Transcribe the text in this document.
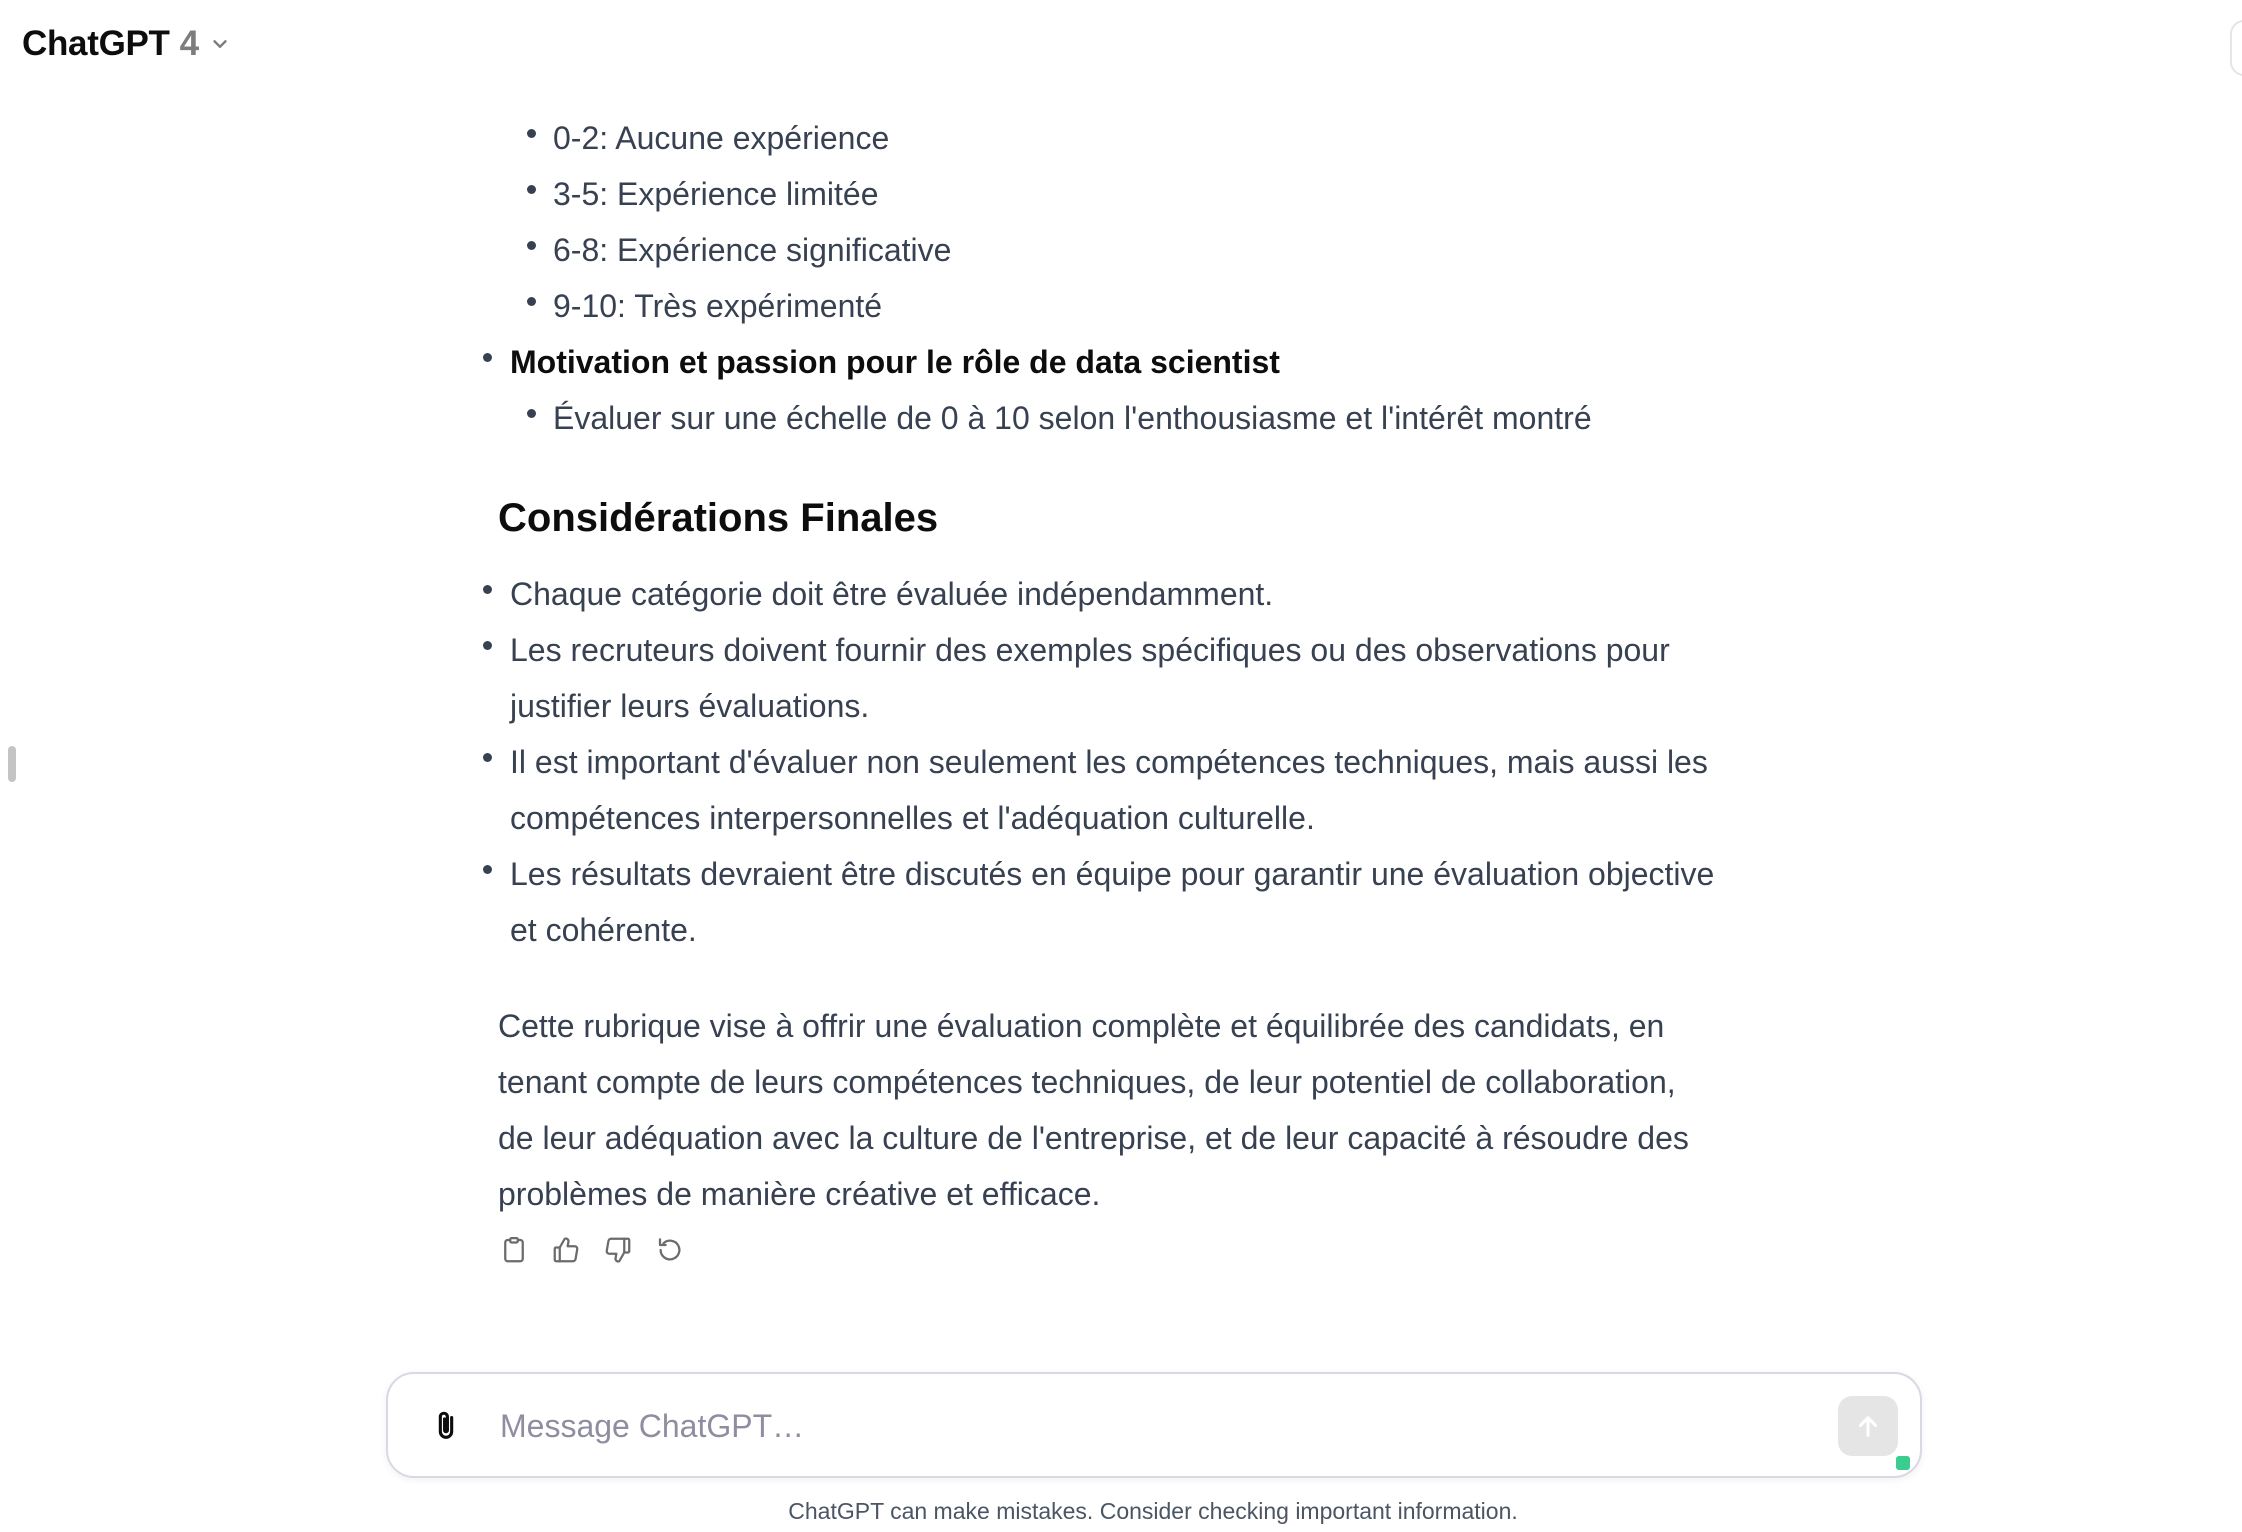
ChatGPT 4
0-2: Aucune expérience
3-5: Expérience limitée
6-8: Expérience significative
9-10: Très expérimenté
Motivation et passion pour le rôle de data scientist
Évaluer sur une échelle de 0 à 10 selon l'enthousiasme et l'intérêt montré
Considérations Finales
Chaque catégorie doit être évaluée indépendamment.
Les recruteurs doivent fournir des exemples spécifiques ou des observations pour
justifier leurs évaluations.
Il est important d'évaluer non seulement les compétences techniques, mais aussi les
compétences interpersonnelles et l'adéquation culturelle.
Les résultats devraient être discutés en équipe pour garantir une évaluation objective
et cohérente.
Cette rubrique vise à offrir une évaluation complète et équilibrée des candidats, en
tenant compte de leurs compétences techniques, de leur potentiel de collaboration,
de leur adéquation avec la culture de l'entreprise, et de leur capacité à résoudre des
problèmes de manière créative et efficace.
Message ChatGPT…
ChatGPT can make mistakes. Consider checking important information.
